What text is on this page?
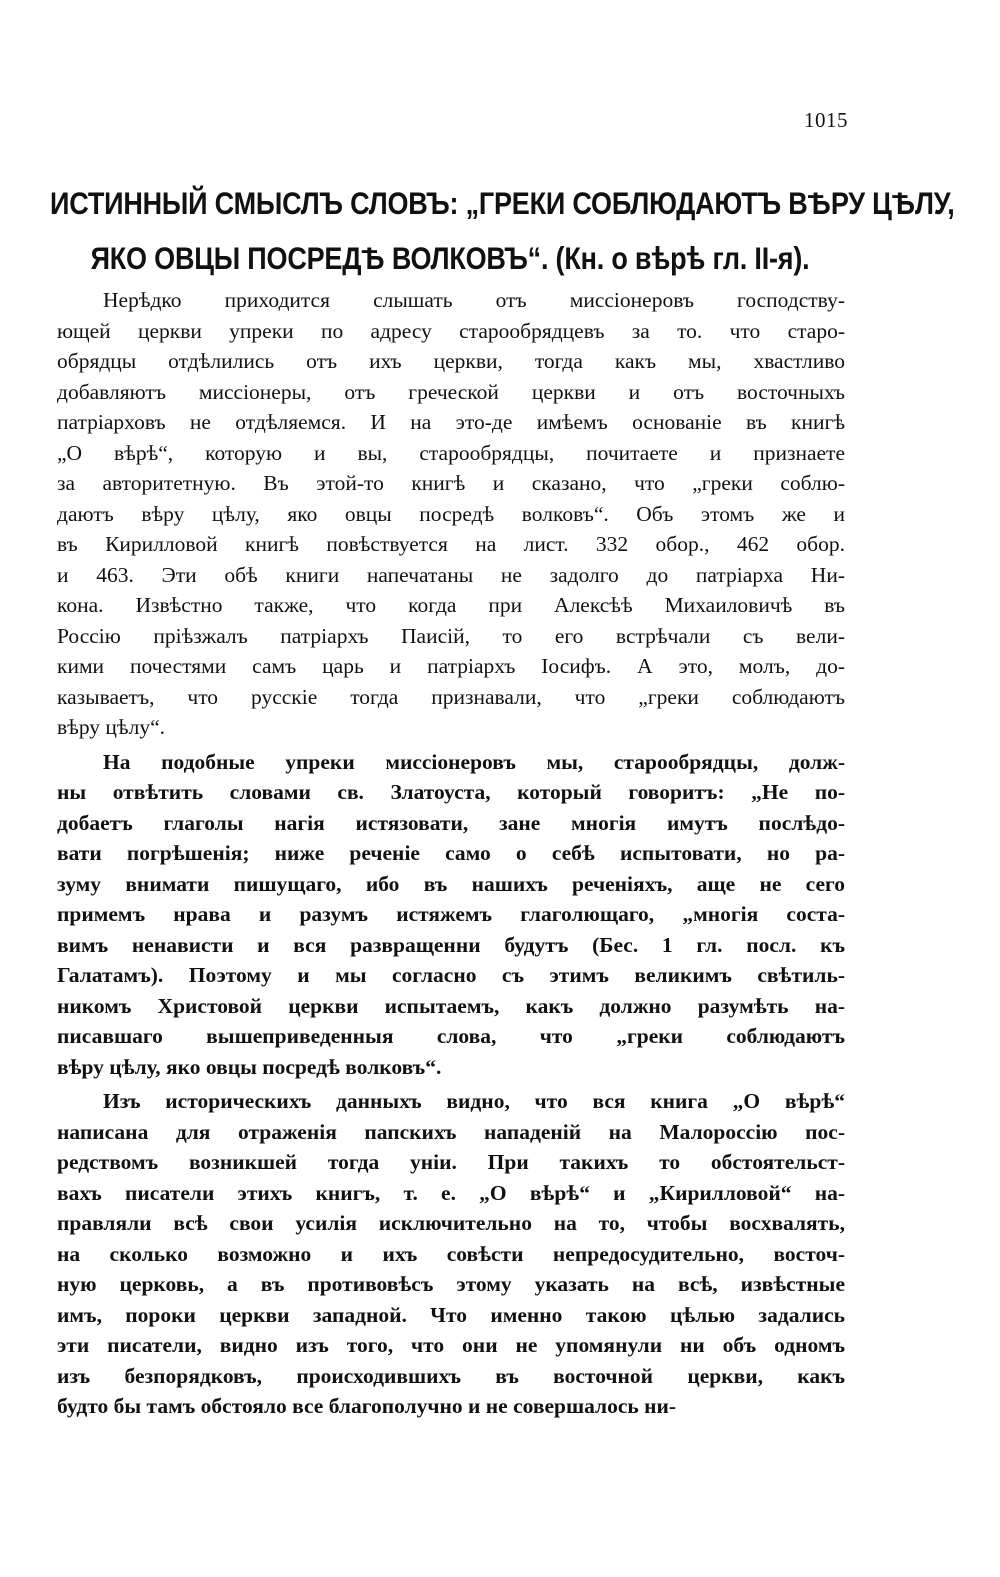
1015
ИСТИННЫЙ СМЫСЛЪ СЛОВЪ: „ГРЕКИ СОБЛЮДАЮТЪ ВѢРУ ЦѢЛУ,
ЯКО ОВЦЫ ПОСРЕДѢ ВОЛКОВЪ“. (Кн. о вѣрѣ гл. II-я).
Нерѣдко приходится слышать отъ миссіонеровъ господству-
ющей церкви упреки по адресу старообрядцевъ за то. что старо-
обрядцы отдѣлились отъ ихъ церкви, тогда какъ мы, хвастливо
добавляютъ миссіонеры, отъ греческой церкви и отъ восточныхъ
патріарховъ не отдѣляемся. И на это-де имѣемъ основаніе въ книгѣ
„О вѣрѣ“, которую и вы, старообрядцы, почитаете и признаете
за авторитетную. Въ этой-то книгѣ и сказано, что „греки соблю-
даютъ вѣру цѣлу, яко овцы посредѣ волковъ“. Объ этомъ же и
въ Кирилловой книгѣ повѣствуется на лист. 332 обор., 462 обор.
и 463. Эти обѣ книги напечатаны не задолго до патріарха Ни-
кона. Извѣстно также, что когда при Алексѣѣ Михаиловичѣ въ
Россію пріѣзжалъ патріархъ Паисій, то его встрѣчали съ вели-
кими почестями самъ царь и патріархъ Іосифъ. А это, молъ, до-
казываетъ, что русскіе тогда признавали, что „греки соблюдаютъ
вѣру цѣлу“.
На подобные упреки миссіонеровъ мы, старообрядцы, долж-
ны отвѣтить словами св. Златоуста, который говоритъ: „Не по-
добаетъ глаголы нагія истязовати, зане многія имутъ послѣдо-
вати погрѣшенія; ниже реченіе само о себѣ испытовати, но ра-
зуму внимати пишущаго, ибо въ нашихъ реченіяхъ, аще не сего
примемъ нрава и разумъ истяжемъ глаголющаго, „многія соста-
вимъ ненависти и вся развращенни будутъ (Бес. 1 гл. посл. къ
Галатамъ). Поэтому и мы согласно съ этимъ великимъ свѣтиль-
никомъ Христовой церкви испытаемъ, какъ должно разумѣть на-
писавшаго вышеприведенныя слова, что „греки соблюдаютъ
вѣру цѣлу, яко овцы посредѣ волковъ“.
Изъ историческихъ данныхъ видно, что вся книга „О вѣрѣ“
написана для отраженія папскихъ нападеній на Малороссію пос-
редствомъ возникшей тогда уніи. При такихъ то обстоятельст-
вахъ писатели этихъ книгъ, т. е. „О вѣрѣ“ и „Кирилловой“ на-
правляли всѣ свои усилія исключительно на то, чтобы восхвалять,
на сколько возможно и ихъ совѣсти непредосудительно, восточ-
ную церковь, а въ противовѣсъ этому указать на всѣ, извѣстные
имъ, пороки церкви западной. Что именно такою цѣлью задались
эти писатели, видно изъ того, что они не упомянули ни объ одномъ
изъ безпорядковъ, происходившихъ въ восточной церкви, какъ
будто бы тамъ обстояло все благополучно и не совершалось ни-
